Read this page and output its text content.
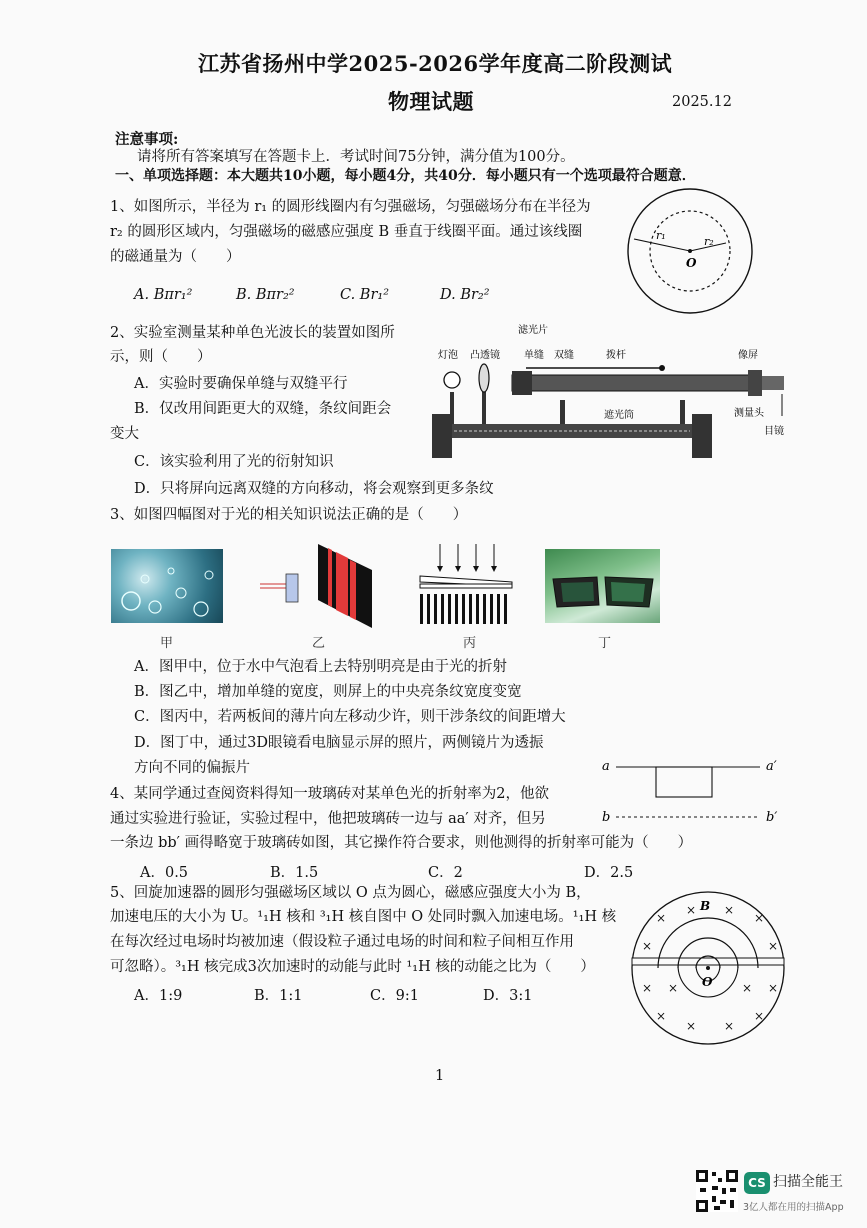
江苏省扬州中学2025-2026学年度高二阶段测试
物理试题	2025.12
注意事项:
请将所有答案填写在答题卡上．考试时间75分钟，满分值为100分。
一、单项选择题：本大题共10小题，每小题4分，共40分．每小题只有一个选项最符合题意．
1、如图所示，半径为 r₁ 的圆形线圈内有匀强磁场，匀强磁场分布在半径为
r₂ 的圆形区域内，匀强磁场的磁感应强度 B 垂直于线圈平面。通过该线圈
的磁通量为（　　）
A. Bπr₁²	B. Bπr₂²	C. Br₁²	D. Br₂²
r₁	r₂
O
2、实验室测量某种单色光波长的装置如图所
示，则（　　）
A．实验时要确保单缝与双缝平行
B．仅改用间距更大的双缝，条纹间距会
变大
C．该实验利用了光的衍射知识
D．只将屏向远离双缝的方向移动，将会观察到更多条纹
滤光片
灯泡 凸透镜 单缝 双缝	拨杆	像屏
遮光筒	测量头
目镜
3、如图四幅图对于光的相关知识说法正确的是（　　）
甲	乙	丙	丁
A．图甲中，位于水中气泡看上去特别明亮是由于光的折射
B．图乙中，增加单缝的宽度，则屏上的中央亮条纹宽度变宽
C．图丙中，若两板间的薄片向左移动少许，则干涉条纹的间距增大
D．图丁中，通过3D眼镜看电脑显示屏的照片，两侧镜片为透振
方向不同的偏振片
4、某同学通过查阅资料得知一玻璃砖对某单色光的折射率为2，他欲
通过实验进行验证，实验过程中，他把玻璃砖一边与 aa′ 对齐，但另
一条边 bb′ 画得略宽于玻璃砖如图，其它操作符合要求，则他测得的折射率可能为（　　）
A．0.5	B．1.5	C．2	D．2.5
a	a′
b	b′
5、回旋加速器的圆形匀强磁场区域以 O 点为圆心，磁感应强度大小为 B，
加速电压的大小为 U。¹₁H 核和 ³₁H 核自图中 O 处同时飘入加速电场。¹₁H 核
在每次经过电场时均被加速（假设粒子通过电场的时间和粒子间相互作用
可忽略）。³₁H 核完成3次加速时的动能与此时 ¹₁H 核的动能之比为（　　）
A．1:9	B．1:1	C．9:1	D．3:1
×
× ×
×
×	×
×	×
×
× ×
×
×	×
B
O
1
CS 扫描全能王
3亿人都在用的扫描App
